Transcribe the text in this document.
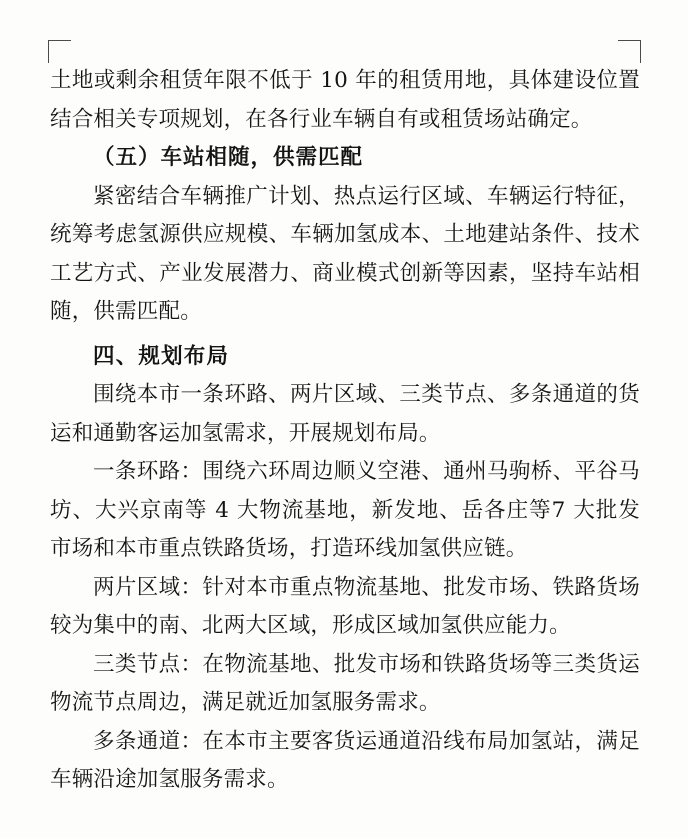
土地或剩余租赁年限不低于 10 年的租赁用地，具体建设位置结合相关专项规划，在各行业车辆自有或租赁场站确定。

（五）车站相随，供需匹配

紧密结合车辆推广计划、热点运行区域、车辆运行特征，统筹考虑氢源供应规模、车辆加氢成本、土地建站条件、技术工艺方式、产业发展潜力、商业模式创新等因素，坚持车站相随，供需匹配。

四、规划布局

围绕本市一条环路、两片区域、三类节点、多条通道的货运和通勤客运加氢需求，开展规划布局。

一条环路：围绕六环周边顺义空港、通州马驹桥、平谷马坊、大兴京南等 4 大物流基地，新发地、岳各庄等7 大批发市场和本市重点铁路货场，打造环线加氢供应链。

两片区域：针对本市重点物流基地、批发市场、铁路货场较为集中的南、北两大区域，形成区域加氢供应能力。

三类节点：在物流基地、批发市场和铁路货场等三类货运物流节点周边，满足就近加氢服务需求。

多条通道：在本市主要客货运通道沿线布局加氢站，满足车辆沿途加氢服务需求。
